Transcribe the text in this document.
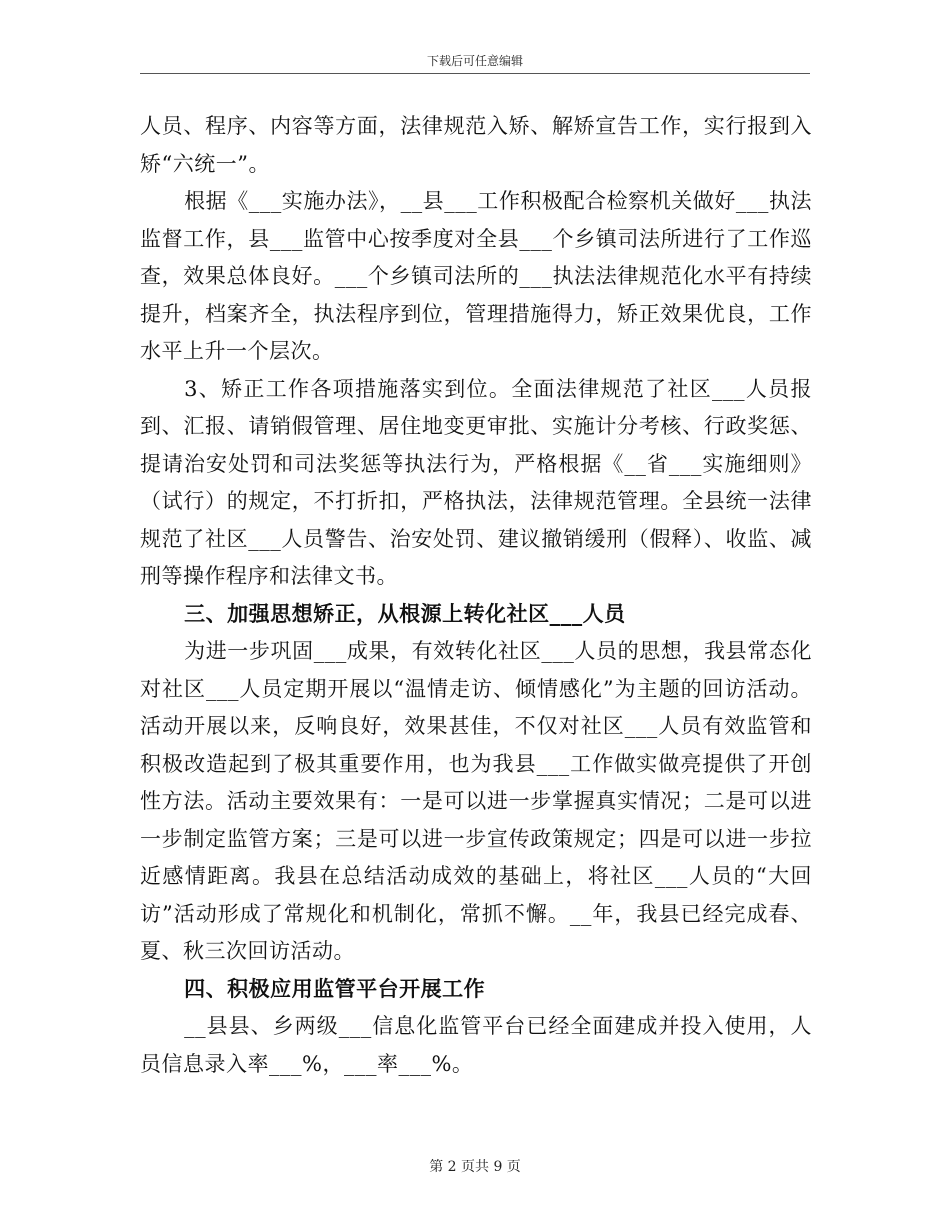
下载后可任意编辑

人员、程序、内容等方面，法律规范入矫、解矫宣告工作，实行报到入矫“六统一”。

根据《___实施办法》，__县___工作积极配合检察机关做好___执法监督工作，县___监管中心按季度对全县___个乡镇司法所进行了工作巡查，效果总体良好。___个乡镇司法所的___执法法律规范化水平有持续提升，档案齐全，执法程序到位，管理措施得力，矫正效果优良，工作水平上升一个层次。

3、矫正工作各项措施落实到位。全面法律规范了社区___人员报到、汇报、请销假管理、居住地变更审批、实施计分考核、行政奖惩、提请治安处罚和司法奖惩等执法行为，严格根据《__省___实施细则》（试行）的规定，不打折扣，严格执法，法律规范管理。全县统一法律规范了社区___人员警告、治安处罚、建议撤销缓刑（假释）、收监、减刑等操作程序和法律文书。

三、加强思想矫正，从根源上转化社区___人员

为进一步巩固___成果，有效转化社区___人员的思想，我县常态化对社区___人员定期开展以“温情走访、倾情感化”为主题的回访活动。活动开展以来，反响良好，效果甚佳，不仅对社区___人员有效监管和积极改造起到了极其重要作用，也为我县___工作做实做亮提供了开创性方法。活动主要效果有：一是可以进一步掌握真实情况；二是可以进一步制定监管方案；三是可以进一步宣传政策规定；四是可以进一步拉近感情距离。我县在总结活动成效的基础上，将社区___人员的“大回访”活动形成了常规化和机制化，常抓不懈。__年，我县已经完成春、夏、秋三次回访活动。

四、积极应用监管平台开展工作

__县县、乡两级___信息化监管平台已经全面建成并投入使用，人员信息录入率___%，___率___%。

第 2 页共 9 页
